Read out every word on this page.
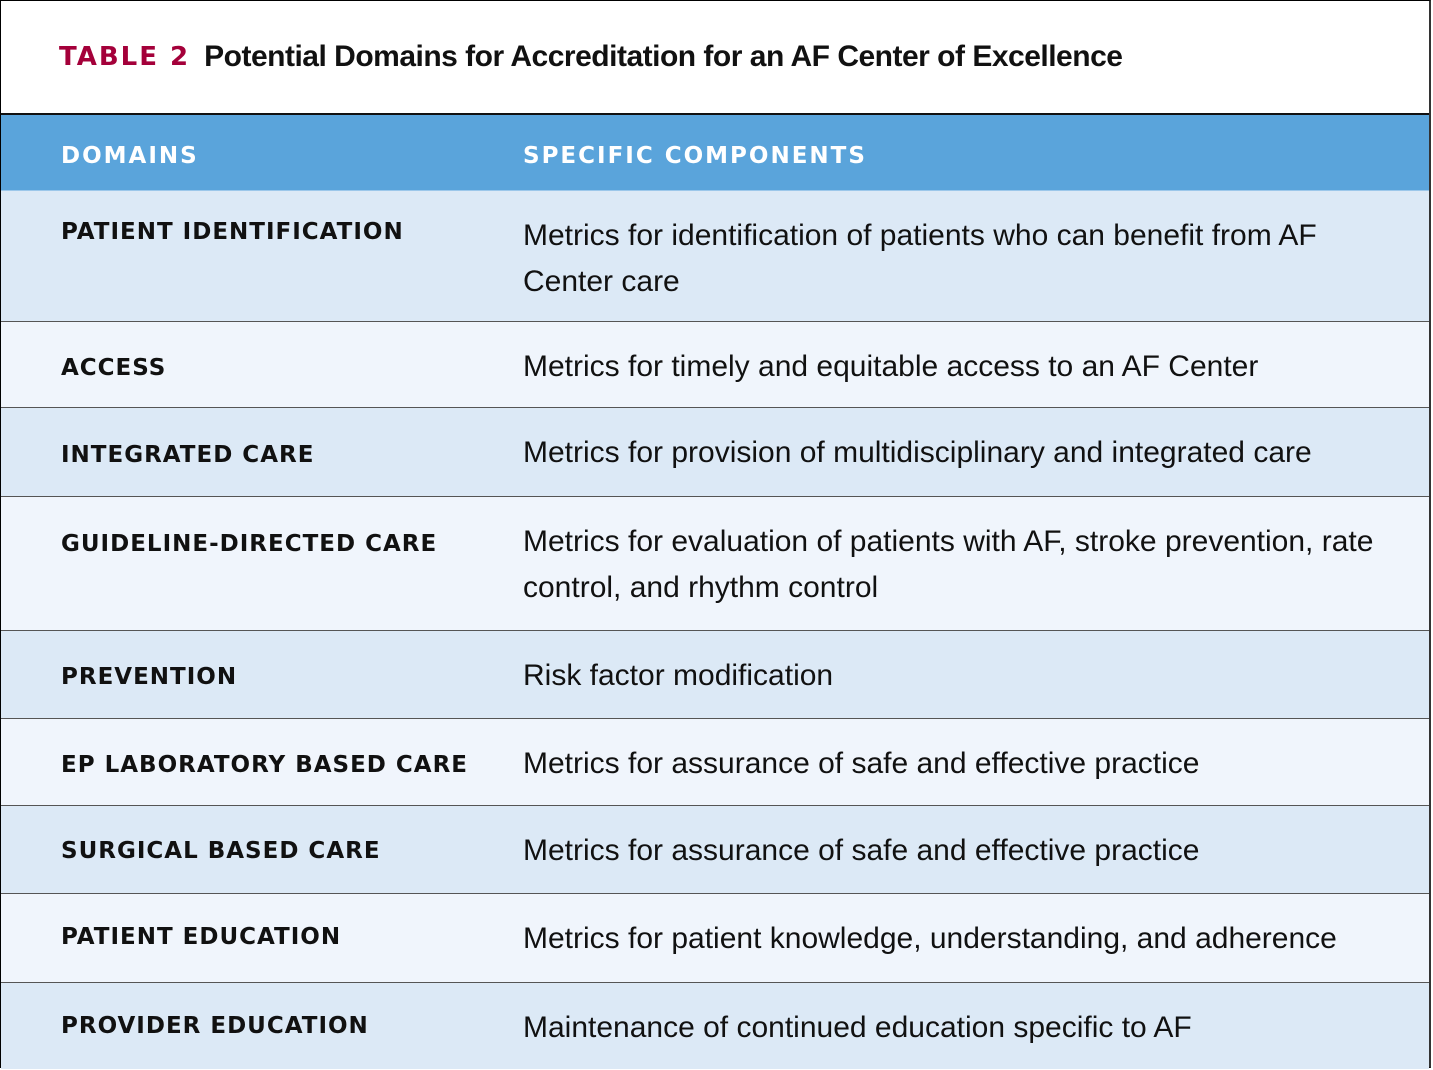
TABLE 2 Potential Domains for Accreditation for an AF Center of Excellence
DOMAINS	SPECIFIC COMPONENTS
PATIENT IDENTIFICATION	Metrics for identification of patients who can benefit from AF Center care
ACCESS	Metrics for timely and equitable access to an AF Center
INTEGRATED CARE	Metrics for provision of multidisciplinary and integrated care
GUIDELINE-DIRECTED CARE	Metrics for evaluation of patients with AF, stroke prevention, rate control, and rhythm control
PREVENTION	Risk factor modification
EP LABORATORY BASED CARE Metrics for assurance of safe and effective practice
SURGICAL BASED CARE	Metrics for assurance of safe and effective practice
PATIENT EDUCATION	Metrics for patient knowledge, understanding, and adherence
PROVIDER EDUCATION	Maintenance of continued education specific to AF
